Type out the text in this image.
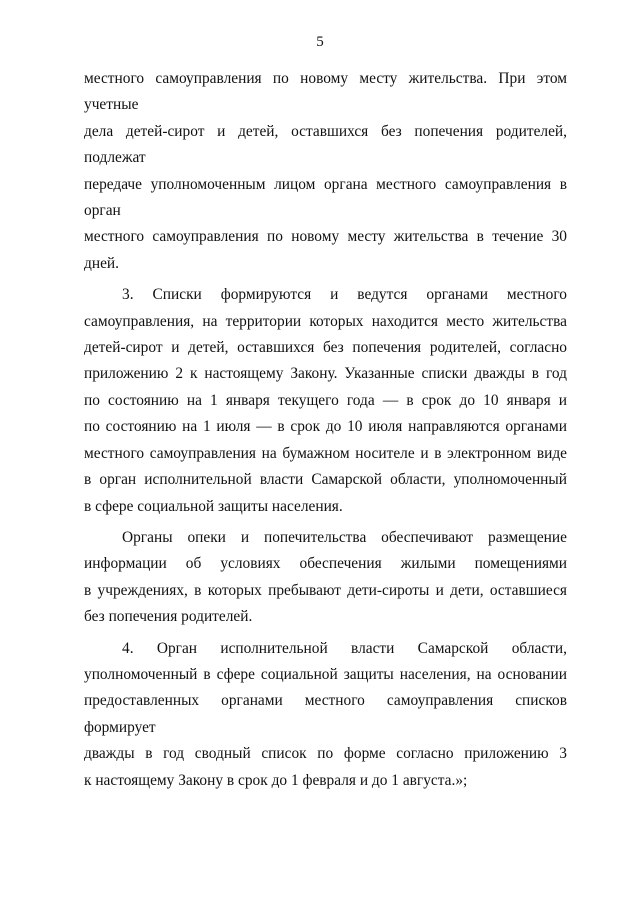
5

местного самоуправления по новому месту жительства. При этом учетные
дела детей-сирот и детей, оставшихся без попечения родителей, подлежат
передаче уполномоченным лицом органа местного самоуправления в орган
местного самоуправления по новому месту жительства в течение 30 дней.

3. Списки формируются и ведутся органами местного
самоуправления, на территории которых находится место жительства
детей-сирот и детей, оставшихся без попечения родителей, согласно
приложению 2 к настоящему Закону. Указанные списки дважды в год
по состоянию на 1 января текущего года — в срок до 10 января и
по состоянию на 1 июля — в срок до 10 июля направляются органами
местного самоуправления на бумажном носителе и в электронном виде
в орган исполнительной власти Самарской области, уполномоченный
в сфере социальной защиты населения.

Органы опеки и попечительства обеспечивают размещение
информации об условиях обеспечения жилыми помещениями
в учреждениях, в которых пребывают дети-сироты и дети, оставшиеся
без попечения родителей.

4. Орган исполнительной власти Самарской области,
уполномоченный в сфере социальной защиты населения, на основании
предоставленных органами местного самоуправления списков формирует
дважды в год сводный список по форме согласно приложению 3
к настоящему Закону в срок до 1 февраля и до 1 августа.»;
